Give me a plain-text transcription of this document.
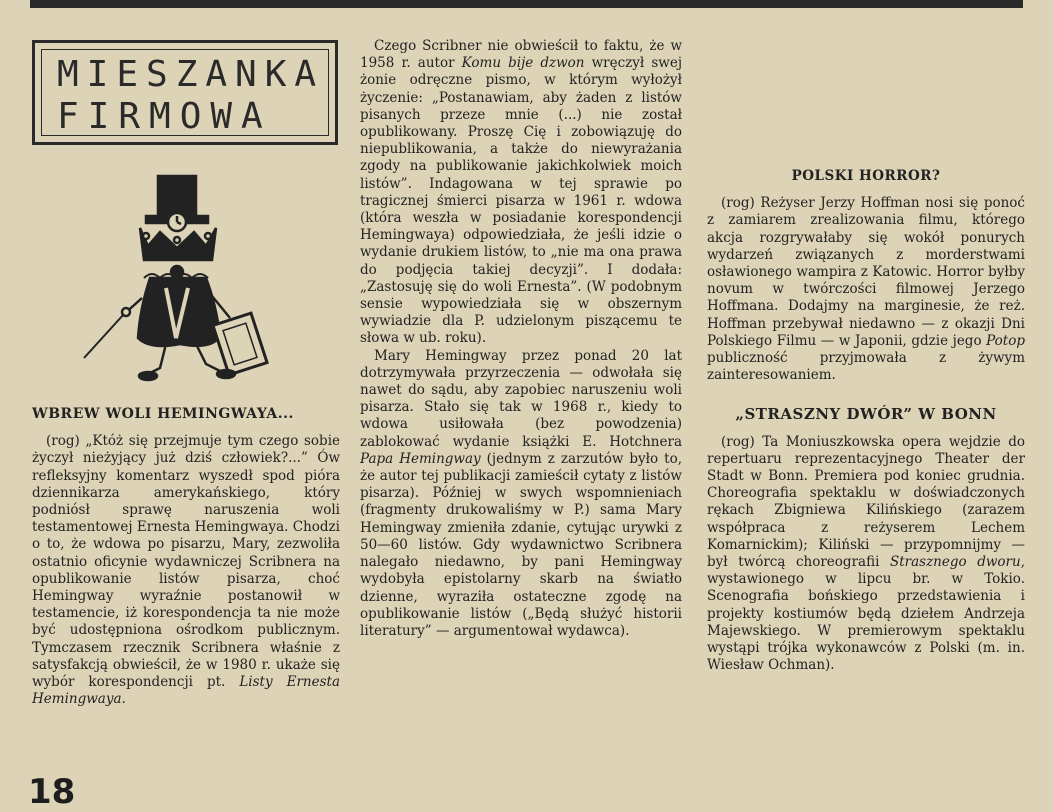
MIESZANKA
FIRMOWA
WBREW WOLI HEMINGWAYA...

(rog) „Któż się przejmuje tym czego sobie życzył nieżyjący już dziś człowiek?...” Ów refleksyjny komentarz wyszedł spod pióra dziennikarza amerykańskiego, który podniósł sprawę naruszenia woli testamentowej Ernesta Hemingwaya. Chodzi o to, że wdowa po pisarzu, Mary, zezwoliła ostatnio oficynie wydawniczej Scribnera na opublikowanie listów pisarza, choć Hemingway wyraźnie postanowił w testamencie, iż korespondencja ta nie może być udostępniona ośrodkom publicznym. Tymczasem rzecznik Scribnera właśnie z satysfakcją obwieścił, że w 1980 r. ukaże się wybór korespondencji pt. Listy Ernesta Hemingwaya.

Czego Scribner nie obwieścił to faktu, że w 1958 r. autor Komu bije dzwon wręczył swej żonie odręczne pismo, w którym wyłożył życzenie: „Postanawiam, aby żaden z listów pisanych przeze mnie (...) nie został opublikowany. Proszę Cię i zobowiązuję do niepublikowania, a także do niewyrażania zgody na publikowanie jakichkolwiek moich listów”. Indagowana w tej sprawie po tragicznej śmierci pisarza w 1961 r. wdowa (która weszła w posiadanie korespondencji Hemingwaya) odpowiedziała, że jeśli idzie o wydanie drukiem listów, to „nie ma ona prawa do podjęcia takiej decyzji”. I dodała: „Zastosuję się do woli Ernesta”. (W podobnym sensie wypowiedziała się w obszernym wywiadzie dla P. udzielonym piszącemu te słowa w ub. roku).

Mary Hemingway przez ponad 20 lat dotrzymywała przyrzeczenia — odwołała się nawet do sądu, aby zapobiec naruszeniu woli pisarza. Stało się tak w 1968 r., kiedy to wdowa usiłowała (bez powodzenia) zablokować wydanie książki E. Hotchnera Papa Hemingway (jednym z zarzutów było to, że autor tej publikacji zamieścił cytaty z listów pisarza). Później w swych wspomnieniach (fragmenty drukowaliśmy w P.) sama Mary Hemingway zmieniła zdanie, cytując urywki z 50—60 listów. Gdy wydawnictwo Scribnera nalegało niedawno, by pani Hemingway wydobyła epistolarny skarb na światło dzienne, wyraziła ostateczne zgodę na opublikowanie listów („Będą służyć historii literatury” — argumentował wydawca).

POLSKI HORROR?

(rog) Reżyser Jerzy Hoffman nosi się ponoć z zamiarem zrealizowania filmu, którego akcja rozgrywałaby się wokół ponurych wydarzeń związanych z morderstwami osławionego wampira z Katowic. Horror byłby novum w twórczości filmowej Jerzego Hoffmana. Dodajmy na marginesie, że reż. Hoffman przebywał niedawno — z okazji Dni Polskiego Filmu — w Japonii, gdzie jego Potop publiczność przyjmowała z żywym zainteresowaniem.

„STRASZNY DWÓR” W BONN

(rog) Ta Moniuszkowska opera wejdzie do repertuaru reprezentacyjnego Theater der Stadt w Bonn. Premiera pod koniec grudnia. Choreografia spektaklu w doświadczonych rękach Zbigniewa Kilińskiego (zarazem współpraca z reżyserem Lechem Komarnickim); Kiliński — przypomnijmy — był twórcą choreografii Strasznego dworu, wystawionego w lipcu br. w Tokio. Scenografia bońskiego przedstawienia i projekty kostiumów będą dziełem Andrzeja Majewskiego. W premierowym spektaklu wystąpi trójka wykonawców z Polski (m. in. Wiesław Ochman).

18
